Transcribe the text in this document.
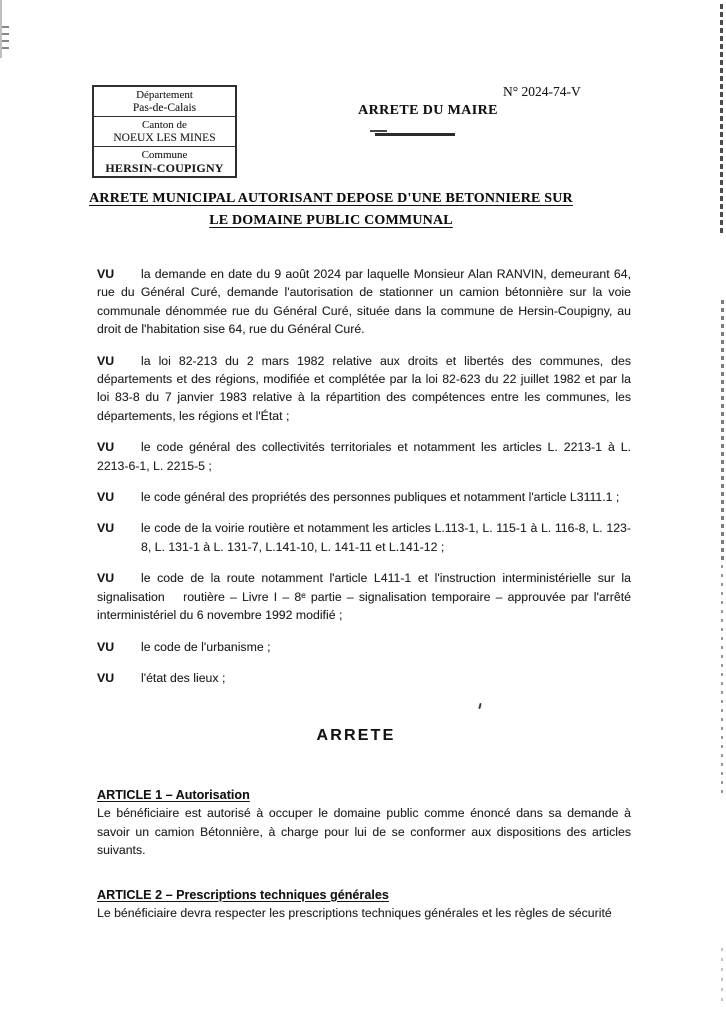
Département
Pas-de-Calais
Canton de
NOEUX LES MINES
Commune
HERSIN-COUPIGNY
N° 2024-74-V
ARRETE DU MAIRE
ARRETE MUNICIPAL AUTORISANT DEPOSE D'UNE BETONNIERE SUR
LE DOMAINE PUBLIC COMMUNAL

VU la demande en date du 9 août 2024 par laquelle Monsieur Alan RANVIN, demeurant 64, rue du Général Curé, demande l'autorisation de stationner un camion bétonnière sur la voie communale dénommée rue du Général Curé, située dans la commune de Hersin-Coupigny, au droit de l'habitation sise 64, rue du Général Curé.

VU la loi 82-213 du 2 mars 1982 relative aux droits et libertés des communes, des départements et des régions, modifiée et complétée par la loi 82-623 du 22 juillet 1982 et par la loi 83-8 du 7 janvier 1983 relative à la répartition des compétences entre les communes, les départements, les régions et l'État ;

VU le code général des collectivités territoriales et notamment les articles L. 2213-1 à L. 2213-6-1, L. 2215-5 ;

VU le code général des propriétés des personnes publiques et notamment l'article L3111.1 ;

VU	le code de la voirie routière et notamment les articles L.113-1, L. 115-1 à L. 116-8, L. 123-8, L. 131-1 à L. 131-7, L.141-10, L. 141-11 et L.141-12 ;

VU le code de la route notamment l'article L411-1 et l'instruction interministérielle sur la signalisation  routière – Livre I – 8ᵉ partie – signalisation temporaire – approuvée par l'arrêté interministériel du 6 novembre 1992 modifié ;

VU le code de l'urbanisme ;

VU l'état des lieux ;

ARRETE

ARTICLE 1 – Autorisation

Le bénéficiaire est autorisé à occuper le domaine public comme énoncé dans sa demande à savoir un camion Bétonnière, à charge pour lui de se conformer aux dispositions des articles suivants.

ARTICLE 2 – Prescriptions techniques générales

Le bénéficiaire devra respecter les prescriptions techniques générales et les règles de sécurité
